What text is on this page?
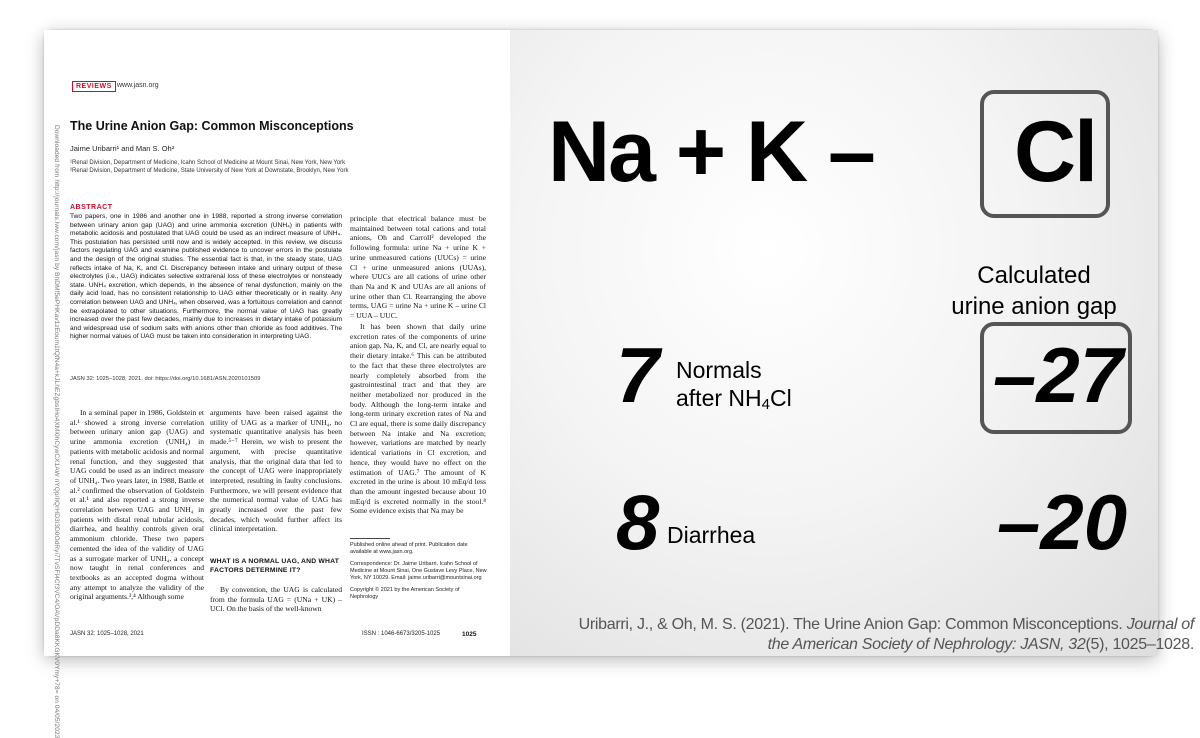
Downloaded from http://journals.lww.com/jasn by BhDMf5ePHKav1zEoum1tQfN4a+kJLhEZgbsIHo4XMi0hCywCX1AW nYQp/IlQrHD3i3D0OdRyi7TvSFl4Cf3VC4/OAVpDDa8KKGKV0Ymy+78= on 04/05/2023
REVIEWS www.jasn.org
The Urine Anion Gap: Common Misconceptions
Jaime Uribarri¹ and Man S. Oh²
¹Renal Division, Department of Medicine, Icahn School of Medicine at Mount Sinai, New York, New York
²Renal Division, Department of Medicine, State University of New York at Downstate, Brooklyn, New York
ABSTRACT
Two papers, one in 1986 and another one in 1988, reported a strong inverse correlation between urinary anion gap (UAG) and urine ammonia excretion (UNH₄) in patients with metabolic acidosis and postulated that UAG could be used as an indirect measure of UNH₄. This postulation has persisted until now and is widely accepted. In this review, we discuss factors regulating UAG and examine published evidence to uncover errors in the postulate and the design of the original studies. The essential fact is that, in the steady state, UAG reflects intake of Na, K, and Cl. Discrepancy between intake and urinary output of these electrolytes (i.e., UAG) indicates selective extrarenal loss of these electrolytes or nonsteady state. UNH₄ excretion, which depends, in the absence of renal dysfunction, mainly on the daily acid load, has no consistent relationship to UAG either theoretically or in reality. Any correlation between UAG and UNH₄, when observed, was a fortuitous correlation and cannot be extrapolated to other situations. Furthermore, the normal value of UAG has greatly increased over the past few decades, mainly due to increases in dietary intake of potassium and widespread use of sodium salts with anions other than chloride as food additives. The higher normal values of UAG must be taken into consideration in interpreting UAG.
JASN 32: 1025–1028, 2021. doi: https://doi.org/10.1681/ASN.2020101509

principle that electrical balance must be maintained between total cations and total anions, Oh and Carroll² developed the following formula: urine Na + urine K + urine unmeasured cations (UUCs) = urine Cl + urine unmeasured anions (UUAs), where UUCs are all cations of urine other than Na and K and UUAs are all anions of urine other than Cl. Rearranging the above terms, UAG = urine Na + urine K – urine Cl = UUA – UUC.

It has been shown that daily urine excretion rates of the components of urine anion gap, Na, K, and Cl, are nearly equal to their dietary intake.⁶ This can be attributed to the fact that these three electrolytes are nearly completely absorbed from the gastrointestinal tract and that they are neither metabolized nor produced in the body. Although the long-term intake and long-term urinary excretion rates of Na and Cl are equal, there is some daily discrepancy between Na intake and Na excretion; however, variations are matched by nearly identical variations in Cl excretion, and hence, they would have no effect on the estimation of UAG.⁷ The amount of K excreted in the urine is about 10 mEq/d less than the amount ingested because about 10 mEq/d is excreted normally in the stool.⁸ Some evidence exists that Na may be

In a seminal paper in 1986, Goldstein et al.¹ showed a strong inverse correlation between urinary anion gap (UAG) and urine ammonia excretion (UNH₄) in patients with metabolic acidosis and normal renal function, and they suggested that UAG could be used as an indirect measure of UNH₄. Two years later, in 1988, Battle et al.² confirmed the observation of Goldstein et al.¹ and also reported a strong inverse correlation between UAG and UNH₄ in patients with distal renal tubular acidosis, diarrhea, and healthy controls given oral ammonium chloride. These two papers cemented the idea of the validity of UAG as a surrogate marker of UNH₄, a concept now taught in renal conferences and textbooks as an accepted dogma without any attempt to analyze the validity of the original arguments.³,⁴ Although some

arguments have been raised against the utility of UAG as a marker of UNH₄, no systematic quantitative analysis has been made.⁵⁻⁷ Herein, we wish to present the argument, with precise quantitative analysis, that the original data that led to the concept of UAG were inappropriately interpreted, resulting in faulty conclusions. Furthermore, we will present evidence that the numerical normal value of UAG has greatly increased over the past few decades, which would further affect its clinical interpretation.

WHAT IS A NORMAL UAG, AND WHAT FACTORS DETERMINE IT?

By convention, the UAG is calculated from the formula UAG = (UNa + UK) – UCl. On the basis of the well-known

Published online ahead of print. Publication date available at www.jasn.org.

Correspondence: Dr. Jaime Uribarri, Icahn School of Medicine at Mount Sinai, One Gustave Levy Place, New York, NY 10029. Email: jaime.uribarri@mountsinai.org

Copyright © 2021 by the American Society of Nephrology

JASN 32: 1025–1028, 2021	ISSN : 1046-6673/3205-1025	1025
Na + K – Cl
Calculated
urine anion gap
7 Normals
after $NH_4Cl$	–27
8 Diarrhea	–20
Uribarri, J., & Oh, M. S. (2021). The Urine Anion Gap: Common Misconceptions. Journal of the American Society of Nephrology: JASN, 32(5), 1025–1028.
